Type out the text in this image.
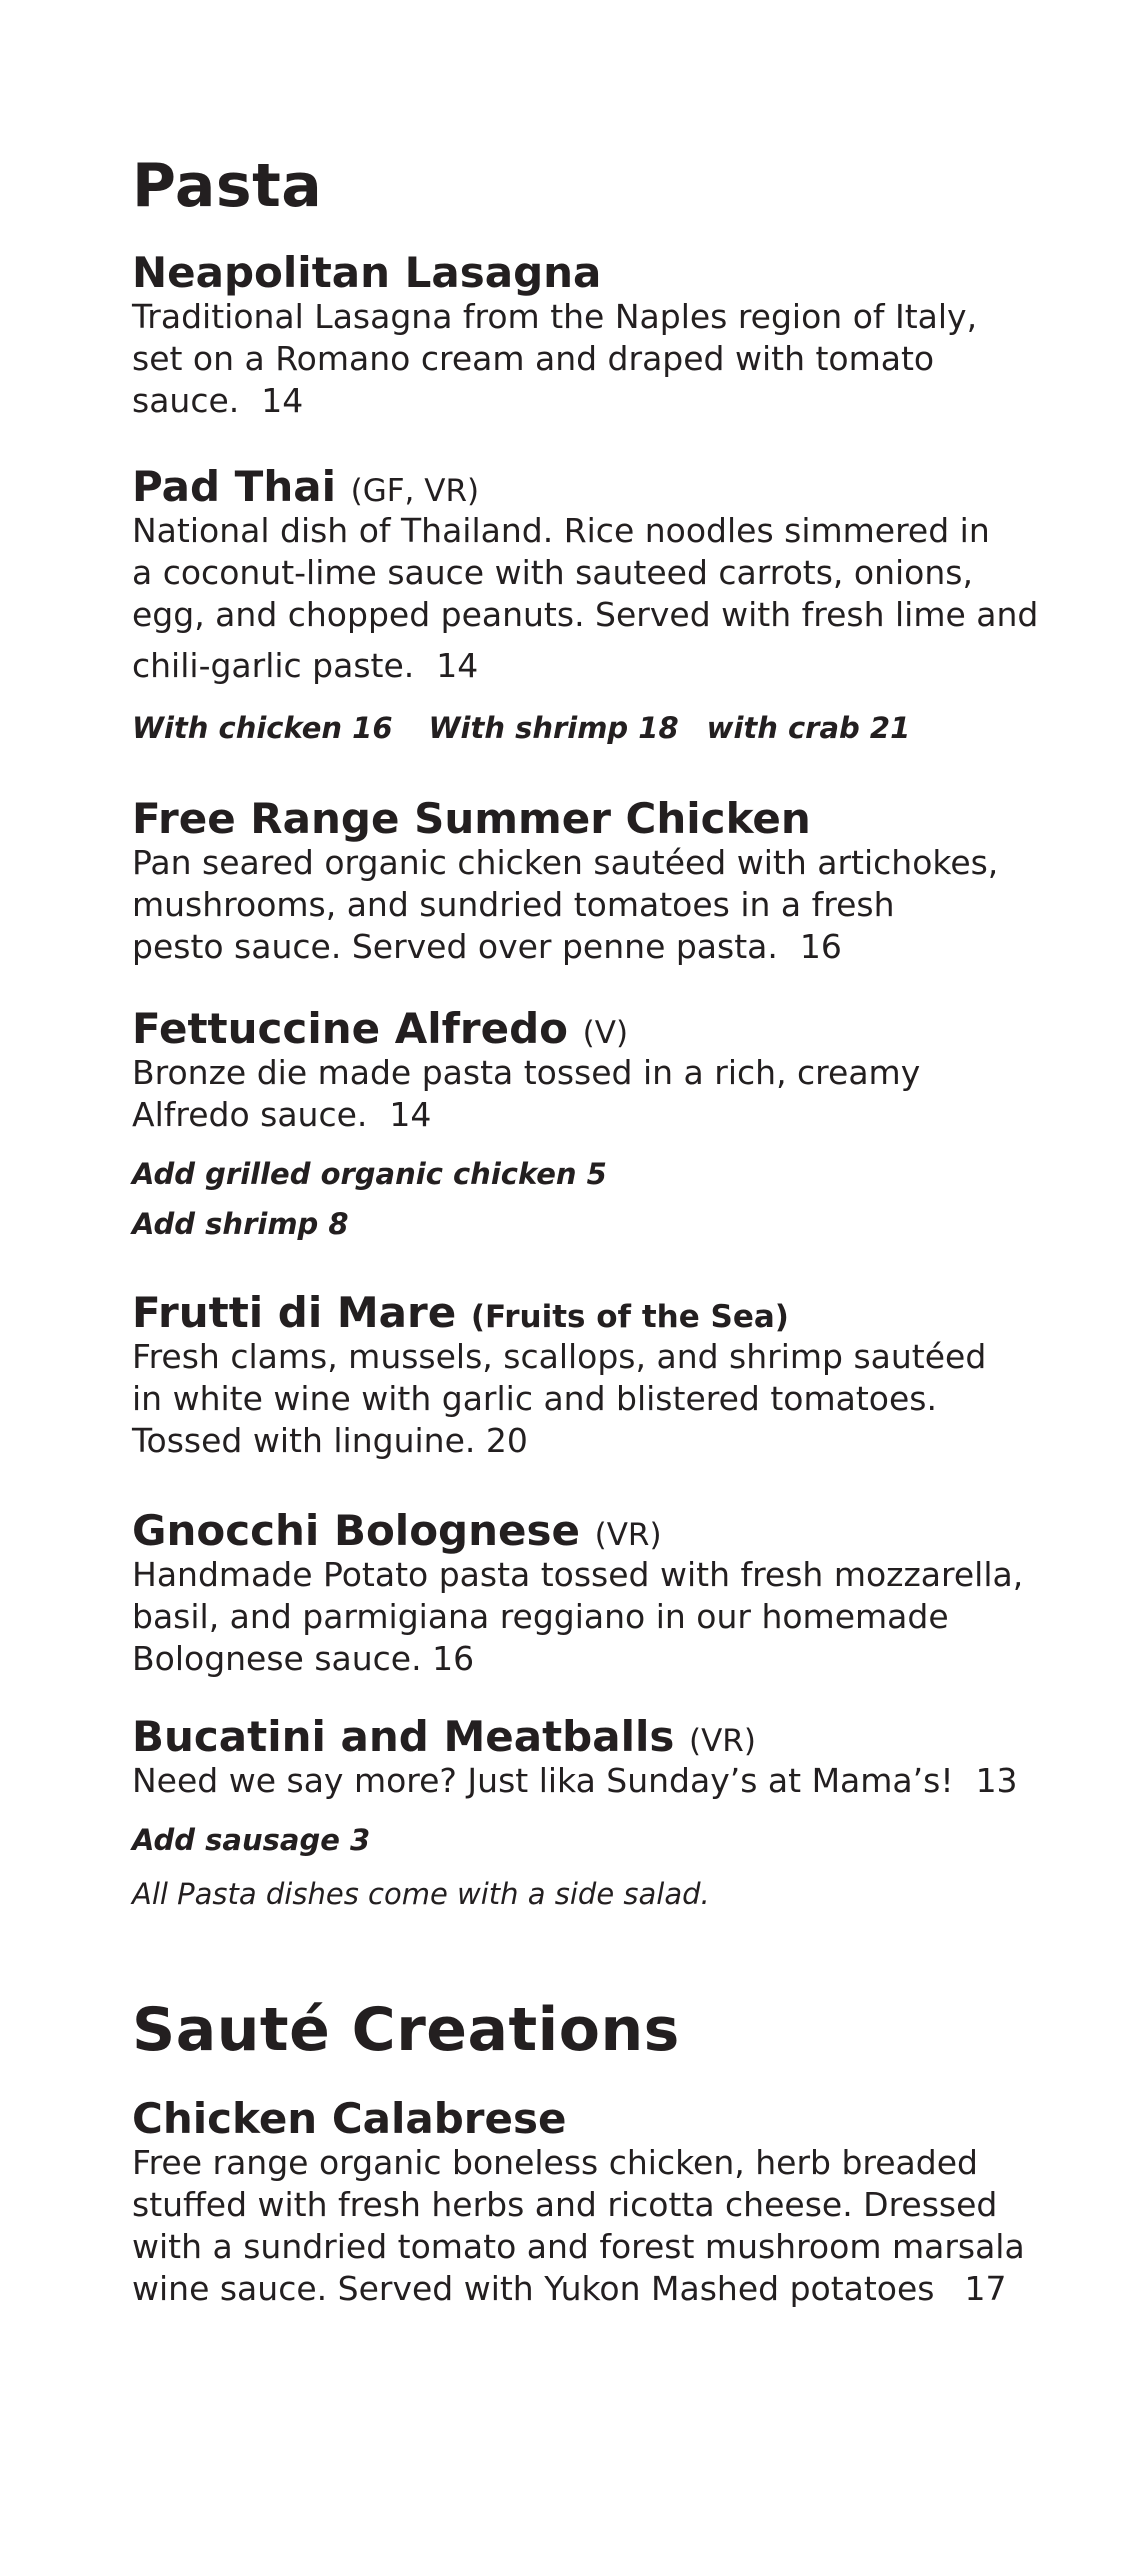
Pasta
Neapolitan Lasagna
Traditional Lasagna from the Naples region of Italy,
set on a Romano cream and draped with tomato
sauce. 14
Pad Thai (GF, VR)
National dish of Thailand. Rice noodles simmered in
a coconut-lime sauce with sauteed carrots, onions,
egg, and chopped peanuts. Served with fresh lime and
chili-garlic paste. 14
With chicken 16 With shrimp 18 with crab 21
Free Range Summer Chicken
Pan seared organic chicken sautéed with artichokes,
mushrooms, and sundried tomatoes in a fresh
pesto sauce. Served over penne pasta. 16
Fettuccine Alfredo (V)
Bronze die made pasta tossed in a rich, creamy
Alfredo sauce. 14
Add grilled organic chicken 5
Add shrimp 8
Frutti di Mare (Fruits of the Sea)
Fresh clams, mussels, scallops, and shrimp sautéed
in white wine with garlic and blistered tomatoes.
Tossed with linguine. 20
Gnocchi Bolognese (VR)
Handmade Potato pasta tossed with fresh mozzarella,
basil, and parmigiana reggiano in our homemade
Bolognese sauce. 16
Bucatini and Meatballs (VR)
Need we say more? Just lika Sunday’s at Mama’s! 13
Add sausage 3
All Pasta dishes come with a side salad.
Sauté Creations
Chicken Calabrese
Free range organic boneless chicken, herb breaded
stuffed with fresh herbs and ricotta cheese. Dressed
with a sundried tomato and forest mushroom marsala
wine sauce. Served with Yukon Mashed potatoes 17
